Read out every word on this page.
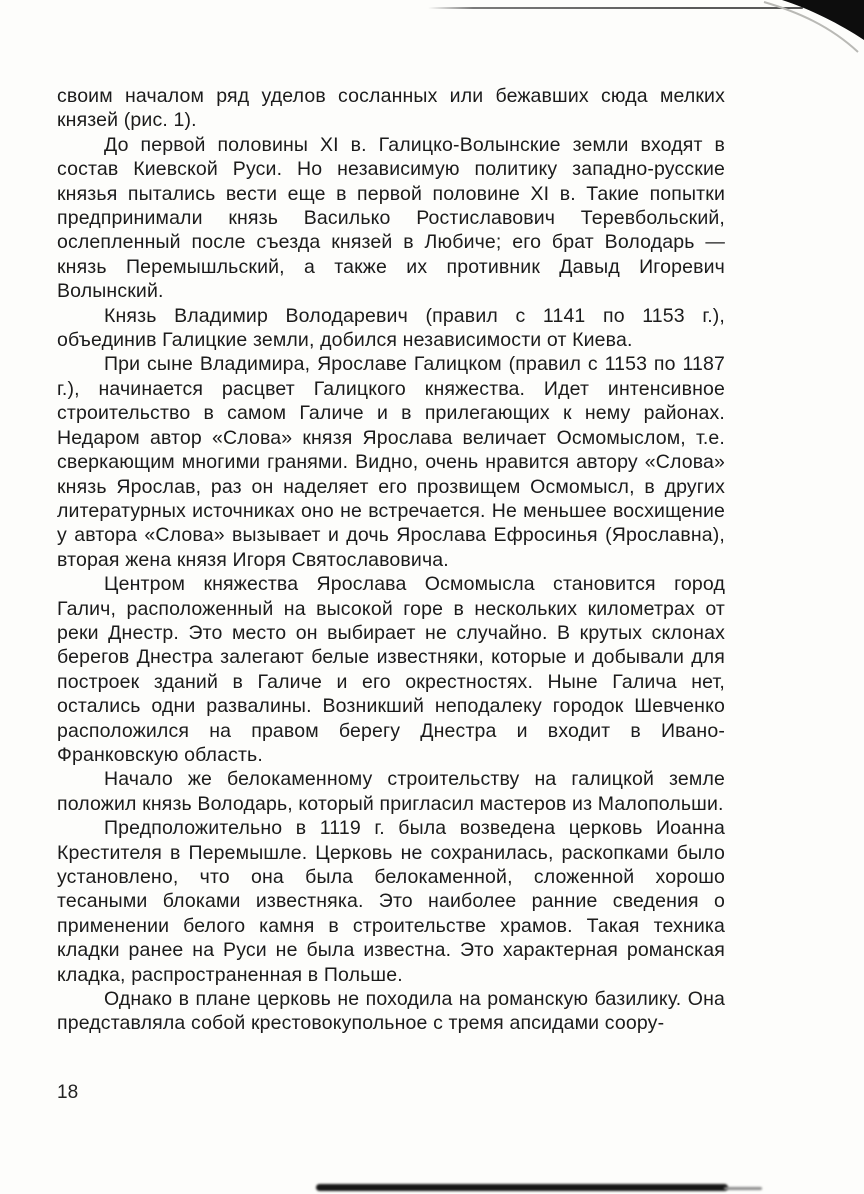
своим началом ряд уделов сосланных или бежавших сюда мелких князей (рис. 1).

До первой половины XI в. Галицко-Волынские земли входят в состав Киевской Руси. Но независимую политику западно-русские князья пытались вести еще в первой половине XI в. Такие попытки предпринимали князь Василько Ростиславович Теревбольский, ослепленный после съезда князей в Любиче; его брат Володарь — князь Перемышльский, а также их противник Давыд Игоревич Волынский.

Князь Владимир Володаревич (правил с 1141 по 1153 г.), объединив Галицкие земли, добился независимости от Киева.

При сыне Владимира, Ярославе Галицком (правил с 1153 по 1187 г.), начинается расцвет Галицкого княжества. Идет интенсивное строительство в самом Галиче и в прилегающих к нему районах. Недаром автор «Слова» князя Ярослава величает Осмомыслом, т.е. сверкающим многими гранями. Видно, очень нравится автору «Слова» князь Ярослав, раз он наделяет его прозвищем Осмомысл, в других литературных источниках оно не встречается. Не меньшее восхищение у автора «Слова» вызывает и дочь Ярослава Ефросинья (Ярославна), вторая жена князя Игоря Святославовича.

Центром княжества Ярослава Осмомысла становится город Галич, расположенный на высокой горе в нескольких километрах от реки Днестр. Это место он выбирает не случайно. В крутых склонах берегов Днестра залегают белые известняки, которые и добывали для построек зданий в Галиче и его окрестностях. Ныне Галича нет, остались одни развалины. Возникший неподалеку городок Шевченко расположился на правом берегу Днестра и входит в Ивано-Франковскую область.

Начало же белокаменному строительству на галицкой земле положил князь Володарь, который пригласил мастеров из Малопольши.

Предположительно в 1119 г. была возведена церковь Иоанна Крестителя в Перемышле. Церковь не сохранилась, раскопками было установлено, что она была белокаменной, сложенной хорошо тесаными блоками известняка. Это наиболее ранние сведения о применении белого камня в строительстве храмов. Такая техника кладки ранее на Руси не была известна. Это характерная романская кладка, распространенная в Польше.

Однако в плане церковь не походила на романскую базилику. Она представляла собой крестовокупольное с тремя апсидами соору-

18
